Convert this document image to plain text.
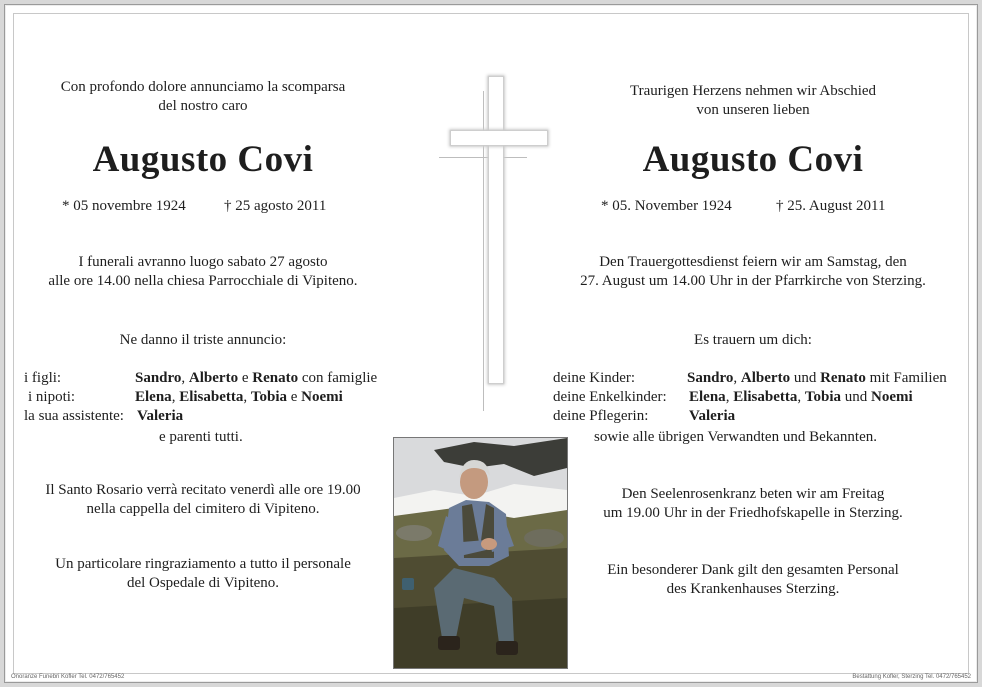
Con profondo dolore annunciamo la scomparsa
del nostro caro
Augusto Covi
* 05 novembre 1924	† 25 agosto 2011
I funerali avranno luogo sabato 27 agosto
alle ore 14.00 nella chiesa Parrocchiale di Vipiteno.
Ne danno il triste annuncio:
i figli:	Sandro, Alberto e Renato con famiglie
i nipoti:	Elena, Elisabetta, Tobia e Noemi
la sua assistente: Valeria
e parenti tutti.
Il Santo Rosario verrà recitato venerdì alle ore 19.00
nella cappella del cimitero di Vipiteno.
Un particolare ringraziamento a tutto il personale
del Ospedale di Vipiteno.
Onoranze Funebri Kofler Tel. 0472/765452
Traurigen Herzens nehmen wir Abschied
von unseren lieben
Augusto Covi
* 05. November 1924	† 25. August 2011
Den Trauergottesdienst feiern wir am Samstag, den
27. August um 14.00 Uhr in der Pfarrkirche von Sterzing.
Es trauern um dich:
deine Kinder:	Sandro, Alberto und Renato mit Familien
deine Enkelkinder: Elena, Elisabetta, Tobia und Noemi
deine Pflegerin:	Valeria
sowie alle übrigen Verwandten und Bekannten.
Den Seelenrosenkranz beten wir am Freitag
um 19.00 Uhr in der Friedhofskapelle in Sterzing.
Ein besonderer Dank gilt den gesamten Personal
des Krankenhauses Sterzing.
Bestattung Kofler, Sterzing Tel. 0472/765452
